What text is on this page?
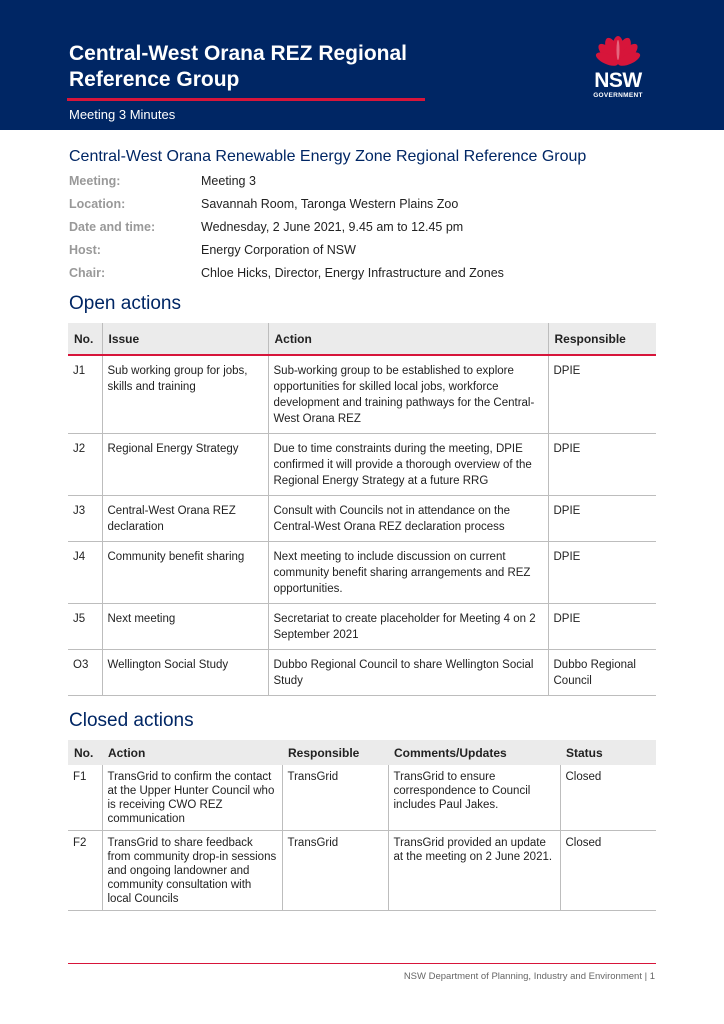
Central-West Orana REZ Regional
Reference Group
Meeting 3 Minutes
NSW
GOVERNMENT
Central-West Orana Renewable Energy Zone Regional Reference Group
Meeting:	Meeting 3
Location:	Savannah Room, Taronga Western Plains Zoo
Date and time:	Wednesday, 2 June 2021, 9.45 am to 12.45 pm
Host:	Energy Corporation of NSW
Chair:	Chloe Hicks, Director, Energy Infrastructure and Zones
Open actions
No.	Issue	Action	Responsible
J1	Sub working group for jobs, skills and training	Sub-working group to be established to explore opportunities for skilled local jobs, workforce development and training pathways for the Central-West Orana REZ	DPIE
J2	Regional Energy Strategy	Due to time constraints during the meeting, DPIE confirmed it will provide a thorough overview of the Regional Energy Strategy at a future RRG	DPIE
J3	Central-West Orana REZ declaration	Consult with Councils not in attendance on the Central-West Orana REZ declaration process	DPIE
J4	Community benefit sharing	Next meeting to include discussion on current community benefit sharing arrangements and REZ opportunities.	DPIE
J5	Next meeting	Secretariat to create placeholder for Meeting 4 on 2 September 2021	DPIE
O3	Wellington Social Study	Dubbo Regional Council to share Wellington Social Study	Dubbo Regional Council
Closed actions
No.	Action	Responsible	Comments/Updates	Status
F1	TransGrid to confirm the contact at the Upper Hunter Council who is receiving CWO REZ communication	TransGrid	TransGrid to ensure correspondence to Council includes Paul Jakes.	Closed
F2	TransGrid to share feedback from community drop-in sessions and ongoing landowner and community consultation with local Councils	TransGrid	TransGrid provided an update at the meeting on 2 June 2021.	Closed
NSW Department of Planning, Industry and Environment | 1
